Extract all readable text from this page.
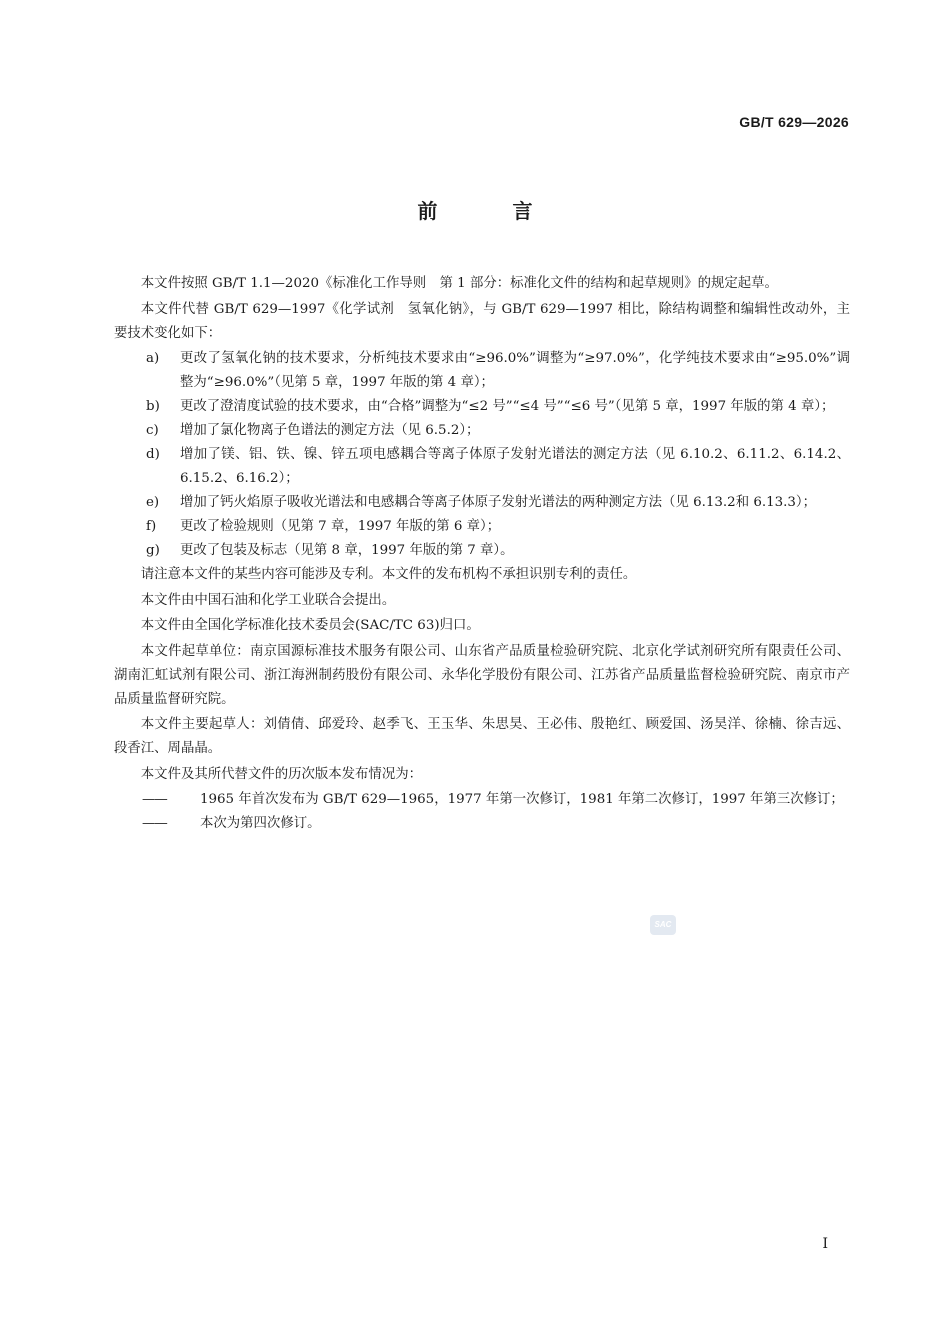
GB/T 629—2026
前 言

本文件按照 GB/T 1.1—2020《标准化工作导则　第 1 部分：标准化文件的结构和起草规则》的规定起草。

本文件代替 GB/T 629—1997《化学试剂　氢氧化钠》，与 GB/T 629—1997 相比，除结构调整和编辑性改动外，主要技术变化如下：

a)	更改了氢氧化钠的技术要求，分析纯技术要求由“≥96.0%”调整为“≥97.0%”，化学纯技术要求由“≥95.0%”调整为“≥96.0%”（见第 5 章，1997 年版的第 4 章）；
b)	更改了澄清度试验的技术要求，由“合格”调整为“≤2 号”“≤4 号”“≤6 号”（见第 5 章，1997 年版的第 4 章）；
c)	增加了氯化物离子色谱法的测定方法（见 6.5.2）；
d)	增加了镁、铝、铁、镍、锌五项电感耦合等离子体原子发射光谱法的测定方法（见 6.10.2、6.11.2、6.14.2、6.15.2、6.16.2）；
e)	增加了钙火焰原子吸收光谱法和电感耦合等离子体原子发射光谱法的两种测定方法（见 6.13.2和 6.13.3）；
f)	更改了检验规则（见第 7 章，1997 年版的第 6 章）；
g)	更改了包装及标志（见第 8 章，1997 年版的第 7 章）。

请注意本文件的某些内容可能涉及专利。本文件的发布机构不承担识别专利的责任。

本文件由中国石油和化学工业联合会提出。

本文件由全国化学标准化技术委员会(SAC/TC 63)归口。

本文件起草单位：南京国源标准技术服务有限公司、山东省产品质量检验研究院、北京化学试剂研究所有限责任公司、湖南汇虹试剂有限公司、浙江海洲制药股份有限公司、永华化学股份有限公司、江苏省产品质量监督检验研究院、南京市产品质量监督研究院。

本文件主要起草人：刘倩倩、邱爱玲、赵季飞、王玉华、朱思昊、王必伟、殷艳红、顾爱国、汤昊洋、徐楠、徐吉远、段香江、周晶晶。

本文件及其所代替文件的历次版本发布情况为：

——	1965 年首次发布为 GB/T 629—1965，1977 年第一次修订，1981 年第二次修订，1997 年第三次修订；
——	本次为第四次修订。
SAC
I
